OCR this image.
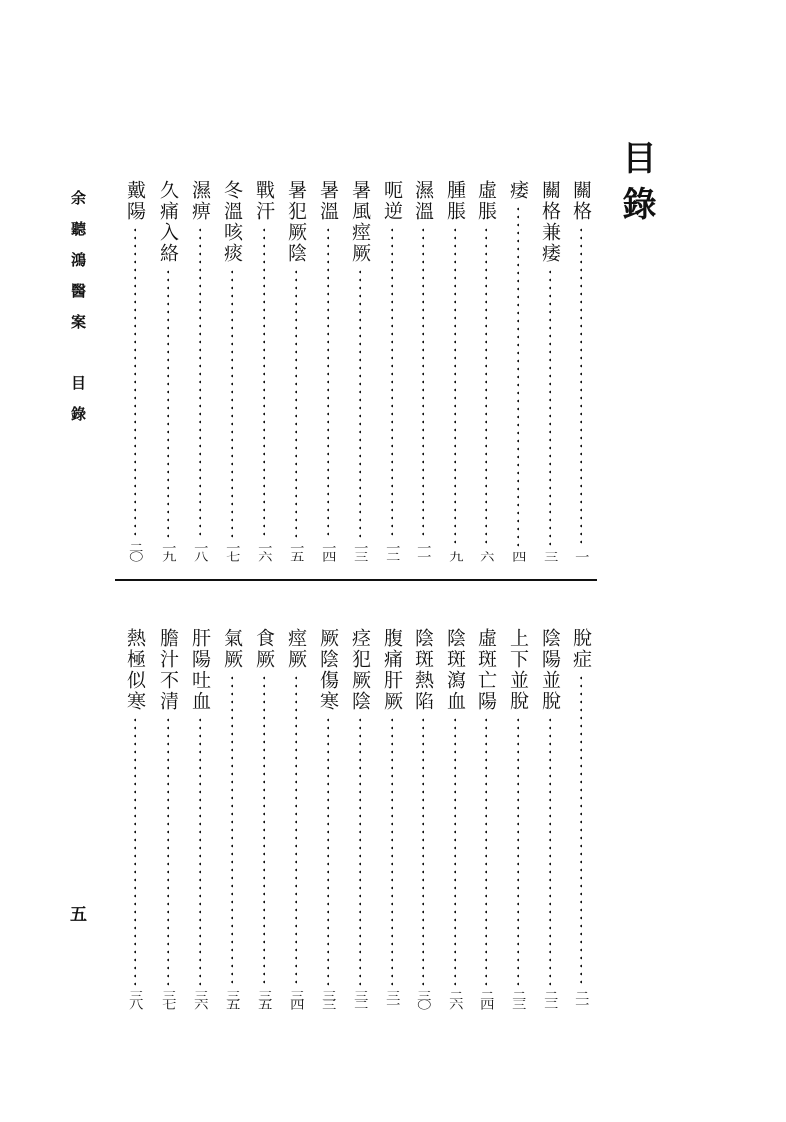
目錄
余聽鴻醫案目錄
五
關格
一
關格兼痿
三
痿
四
虛脹
六
腫脹
九
濕溫
一一
呃逆
一二
暑風痙厥
一三
暑溫
一四
暑犯厥陰
一五
戰汗
一六
冬溫咳痰
一七
濕痹
一八
久痛入絡
一九
戴陽
二〇
脫症
二一
陰陽並脫
二二
上下並脫
二三
虛斑亡陽
二四
陰斑瀉血
二六
陰斑熱陷
三〇
腹痛肝厥
三一
痉犯厥陰
三二
厥陰傷寒
三三
痙厥
三四
食厥
三五
氣厥
三五
肝陽吐血
三六
膽汁不清
三七
熱極似寒
三八
